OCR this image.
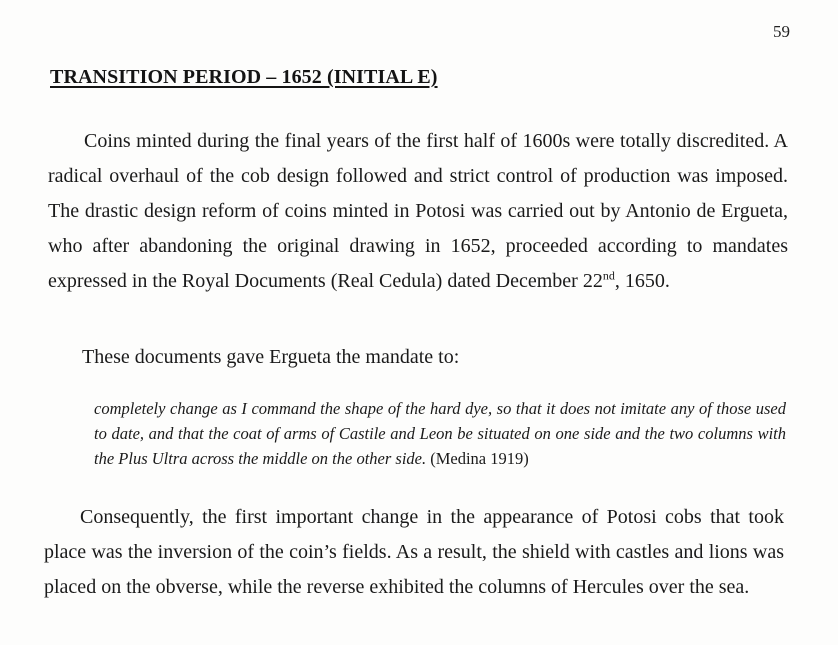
59
TRANSITION PERIOD – 1652 (INITIAL E)

Coins minted during the final years of the first half of 1600s were totally discredited. A radical overhaul of the cob design followed and strict control of production was imposed. The drastic design reform of coins minted in Potosi was carried out by Antonio de Ergueta, who after abandoning the original drawing in 1652, proceeded according to mandates expressed in the Royal Documents (Real Cedula) dated December 22nd, 1650.

These documents gave Ergueta the mandate to:

completely change as I command the shape of the hard dye, so that it does not imitate any of those used to date, and that the coat of arms of Castile and Leon be situated on one side and the two columns with the Plus Ultra across the middle on the other side. (Medina 1919)

Consequently, the first important change in the appearance of Potosi cobs that took place was the inversion of the coin’s fields. As a result, the shield with castles and lions was placed on the obverse, while the reverse exhibited the columns of Hercules over the sea.
